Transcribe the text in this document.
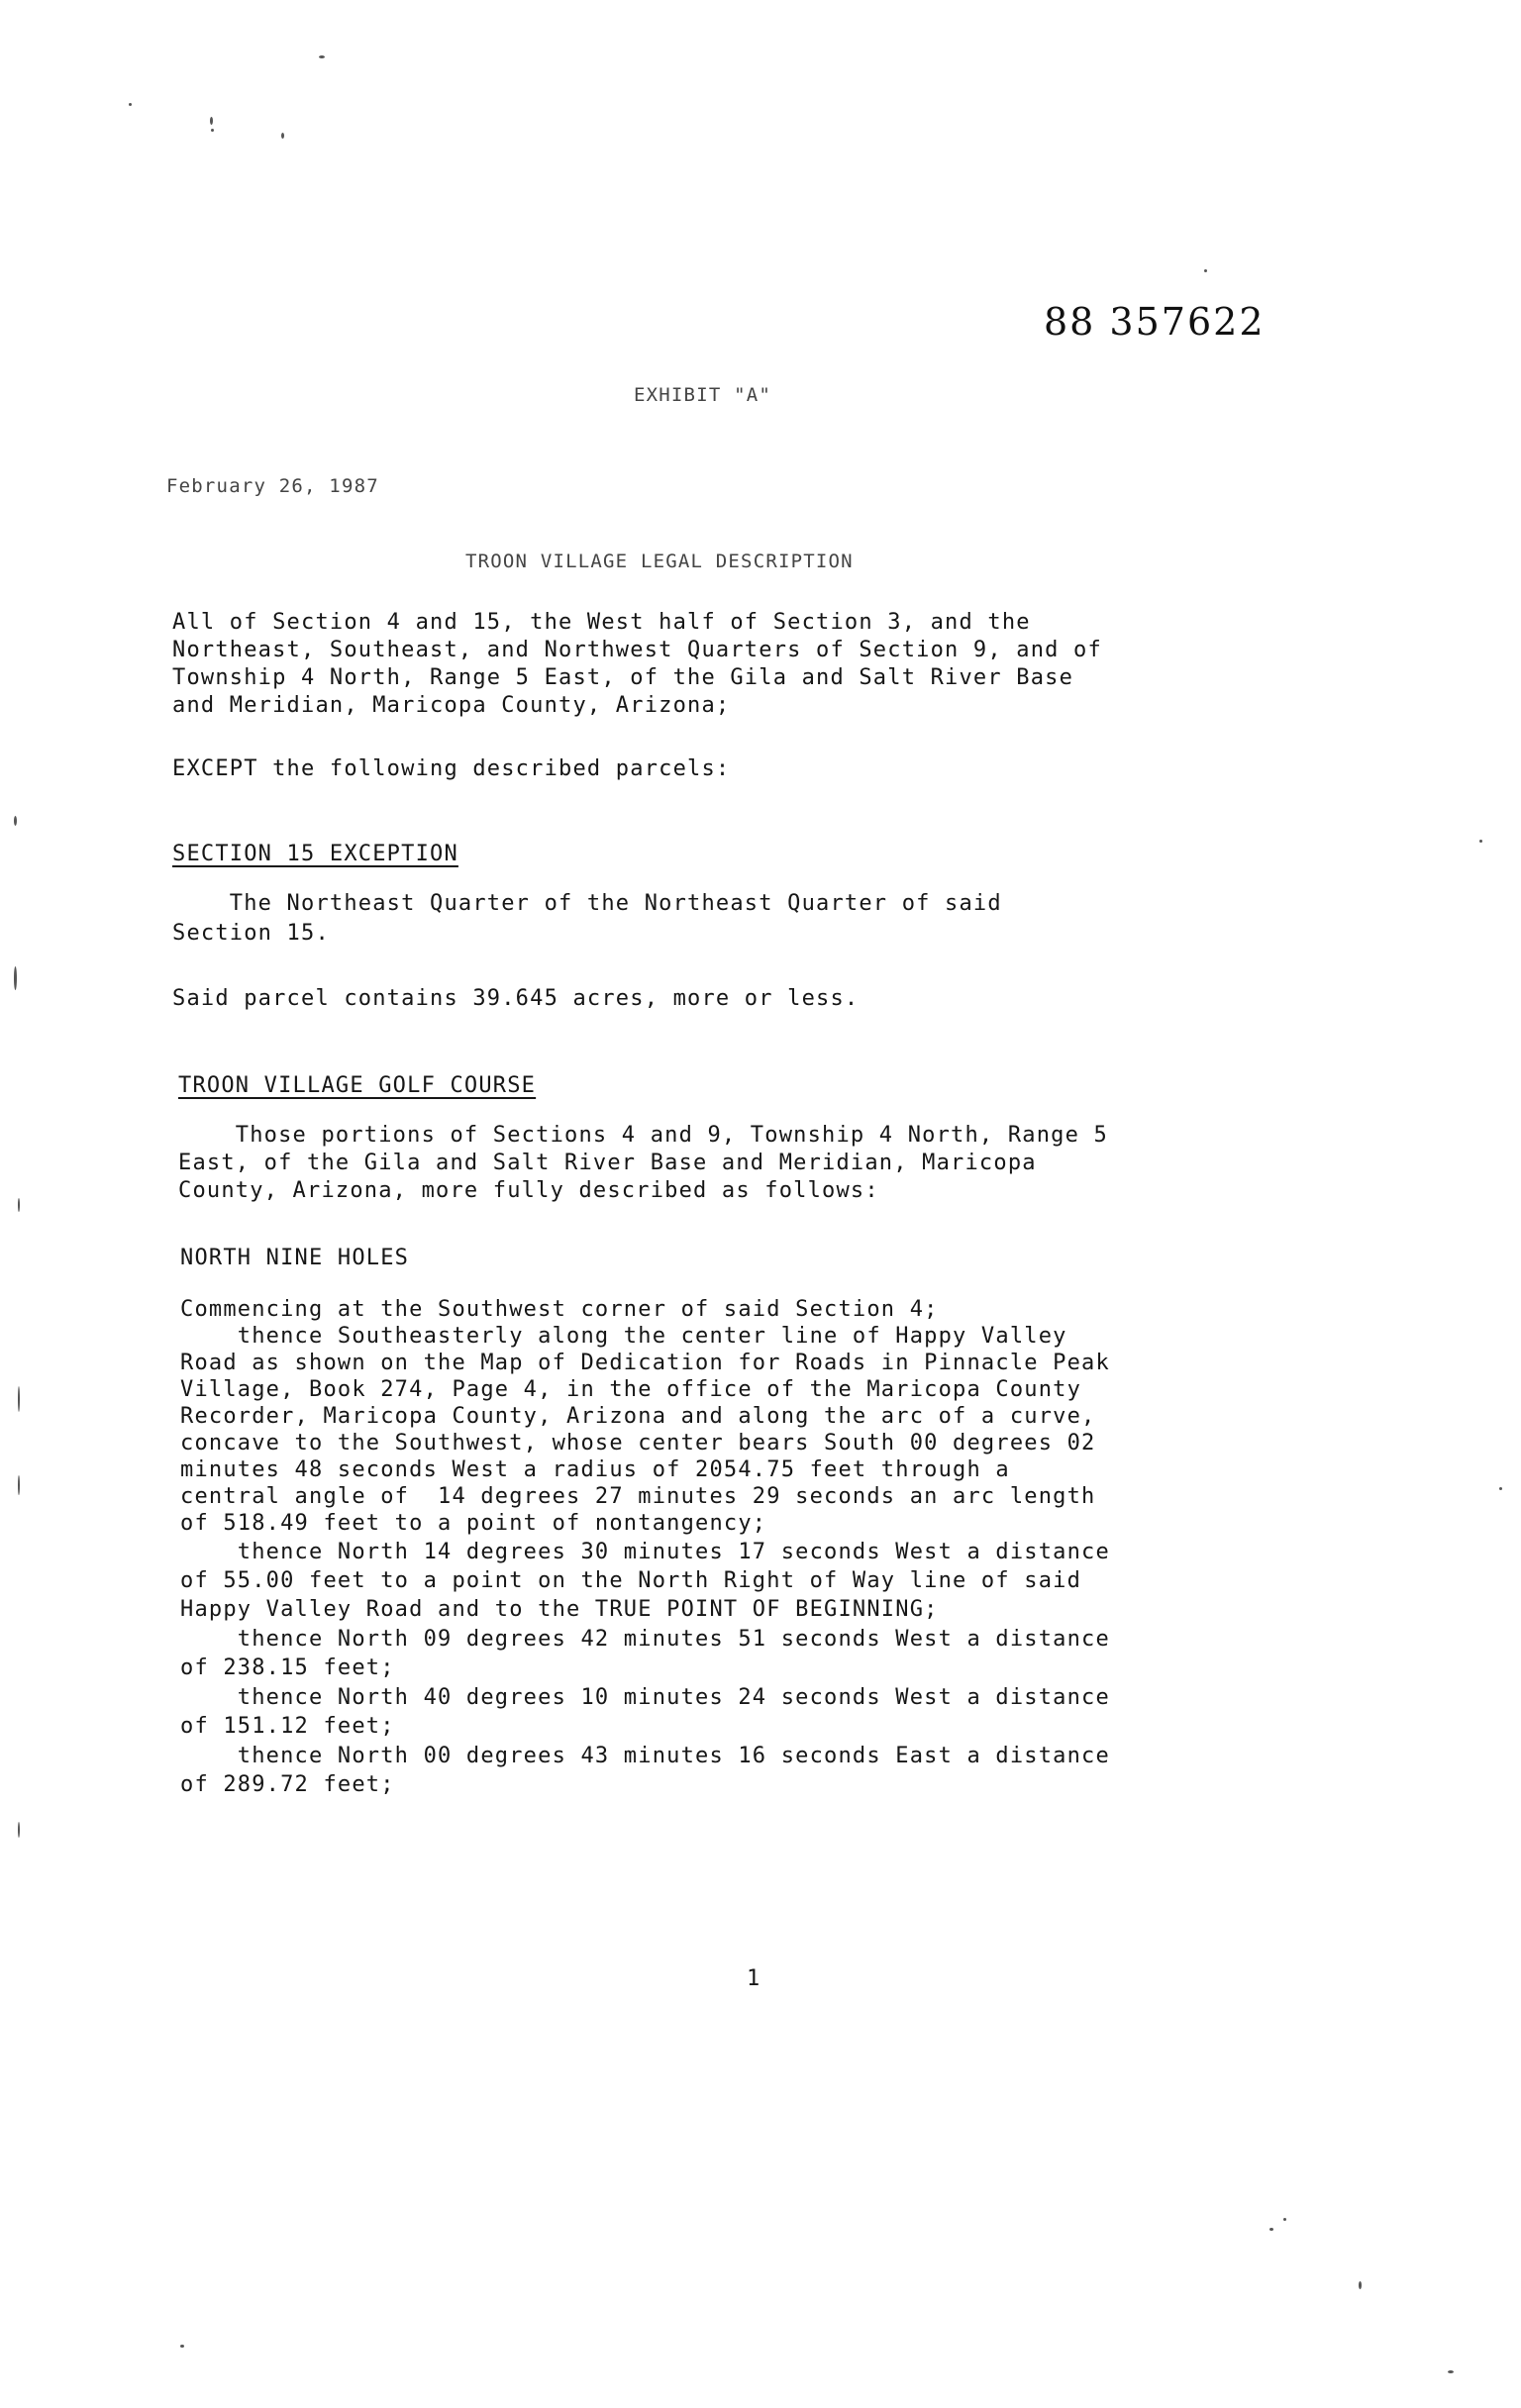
88 357622
EXHIBIT "A"
February 26, 1987
TROON VILLAGE LEGAL DESCRIPTION
All of Section 4 and 15, the West half of Section 3, and the
Northeast, Southeast, and Northwest Quarters of Section 9, and of
Township 4 North, Range 5 East, of the Gila and Salt River Base
and Meridian, Maricopa County, Arizona;
EXCEPT the following described parcels:
SECTION 15 EXCEPTION
The Northeast Quarter of the Northeast Quarter of said
Section 15.
Said parcel contains 39.645 acres, more or less.
TROON VILLAGE GOLF COURSE
Those portions of Sections 4 and 9, Township 4 North, Range 5
East, of the Gila and Salt River Base and Meridian, Maricopa
County, Arizona, more fully described as follows:
NORTH NINE HOLES
Commencing at the Southwest corner of said Section 4;
thence Southeasterly along the center line of Happy Valley
Road as shown on the Map of Dedication for Roads in Pinnacle Peak
Village, Book 274, Page 4, in the office of the Maricopa County
Recorder, Maricopa County, Arizona and along the arc of a curve,
concave to the Southwest, whose center bears South 00 degrees 02
minutes 48 seconds West a radius of 2054.75 feet through a
central angle of  14 degrees 27 minutes 29 seconds an arc length
of 518.49 feet to a point of nontangency;
thence North 14 degrees 30 minutes 17 seconds West a distance
of 55.00 feet to a point on the North Right of Way line of said
Happy Valley Road and to the TRUE POINT OF BEGINNING;
thence North 09 degrees 42 minutes 51 seconds West a distance
of 238.15 feet;
thence North 40 degrees 10 minutes 24 seconds West a distance
of 151.12 feet;
thence North 00 degrees 43 minutes 16 seconds East a distance
of 289.72 feet;
1
